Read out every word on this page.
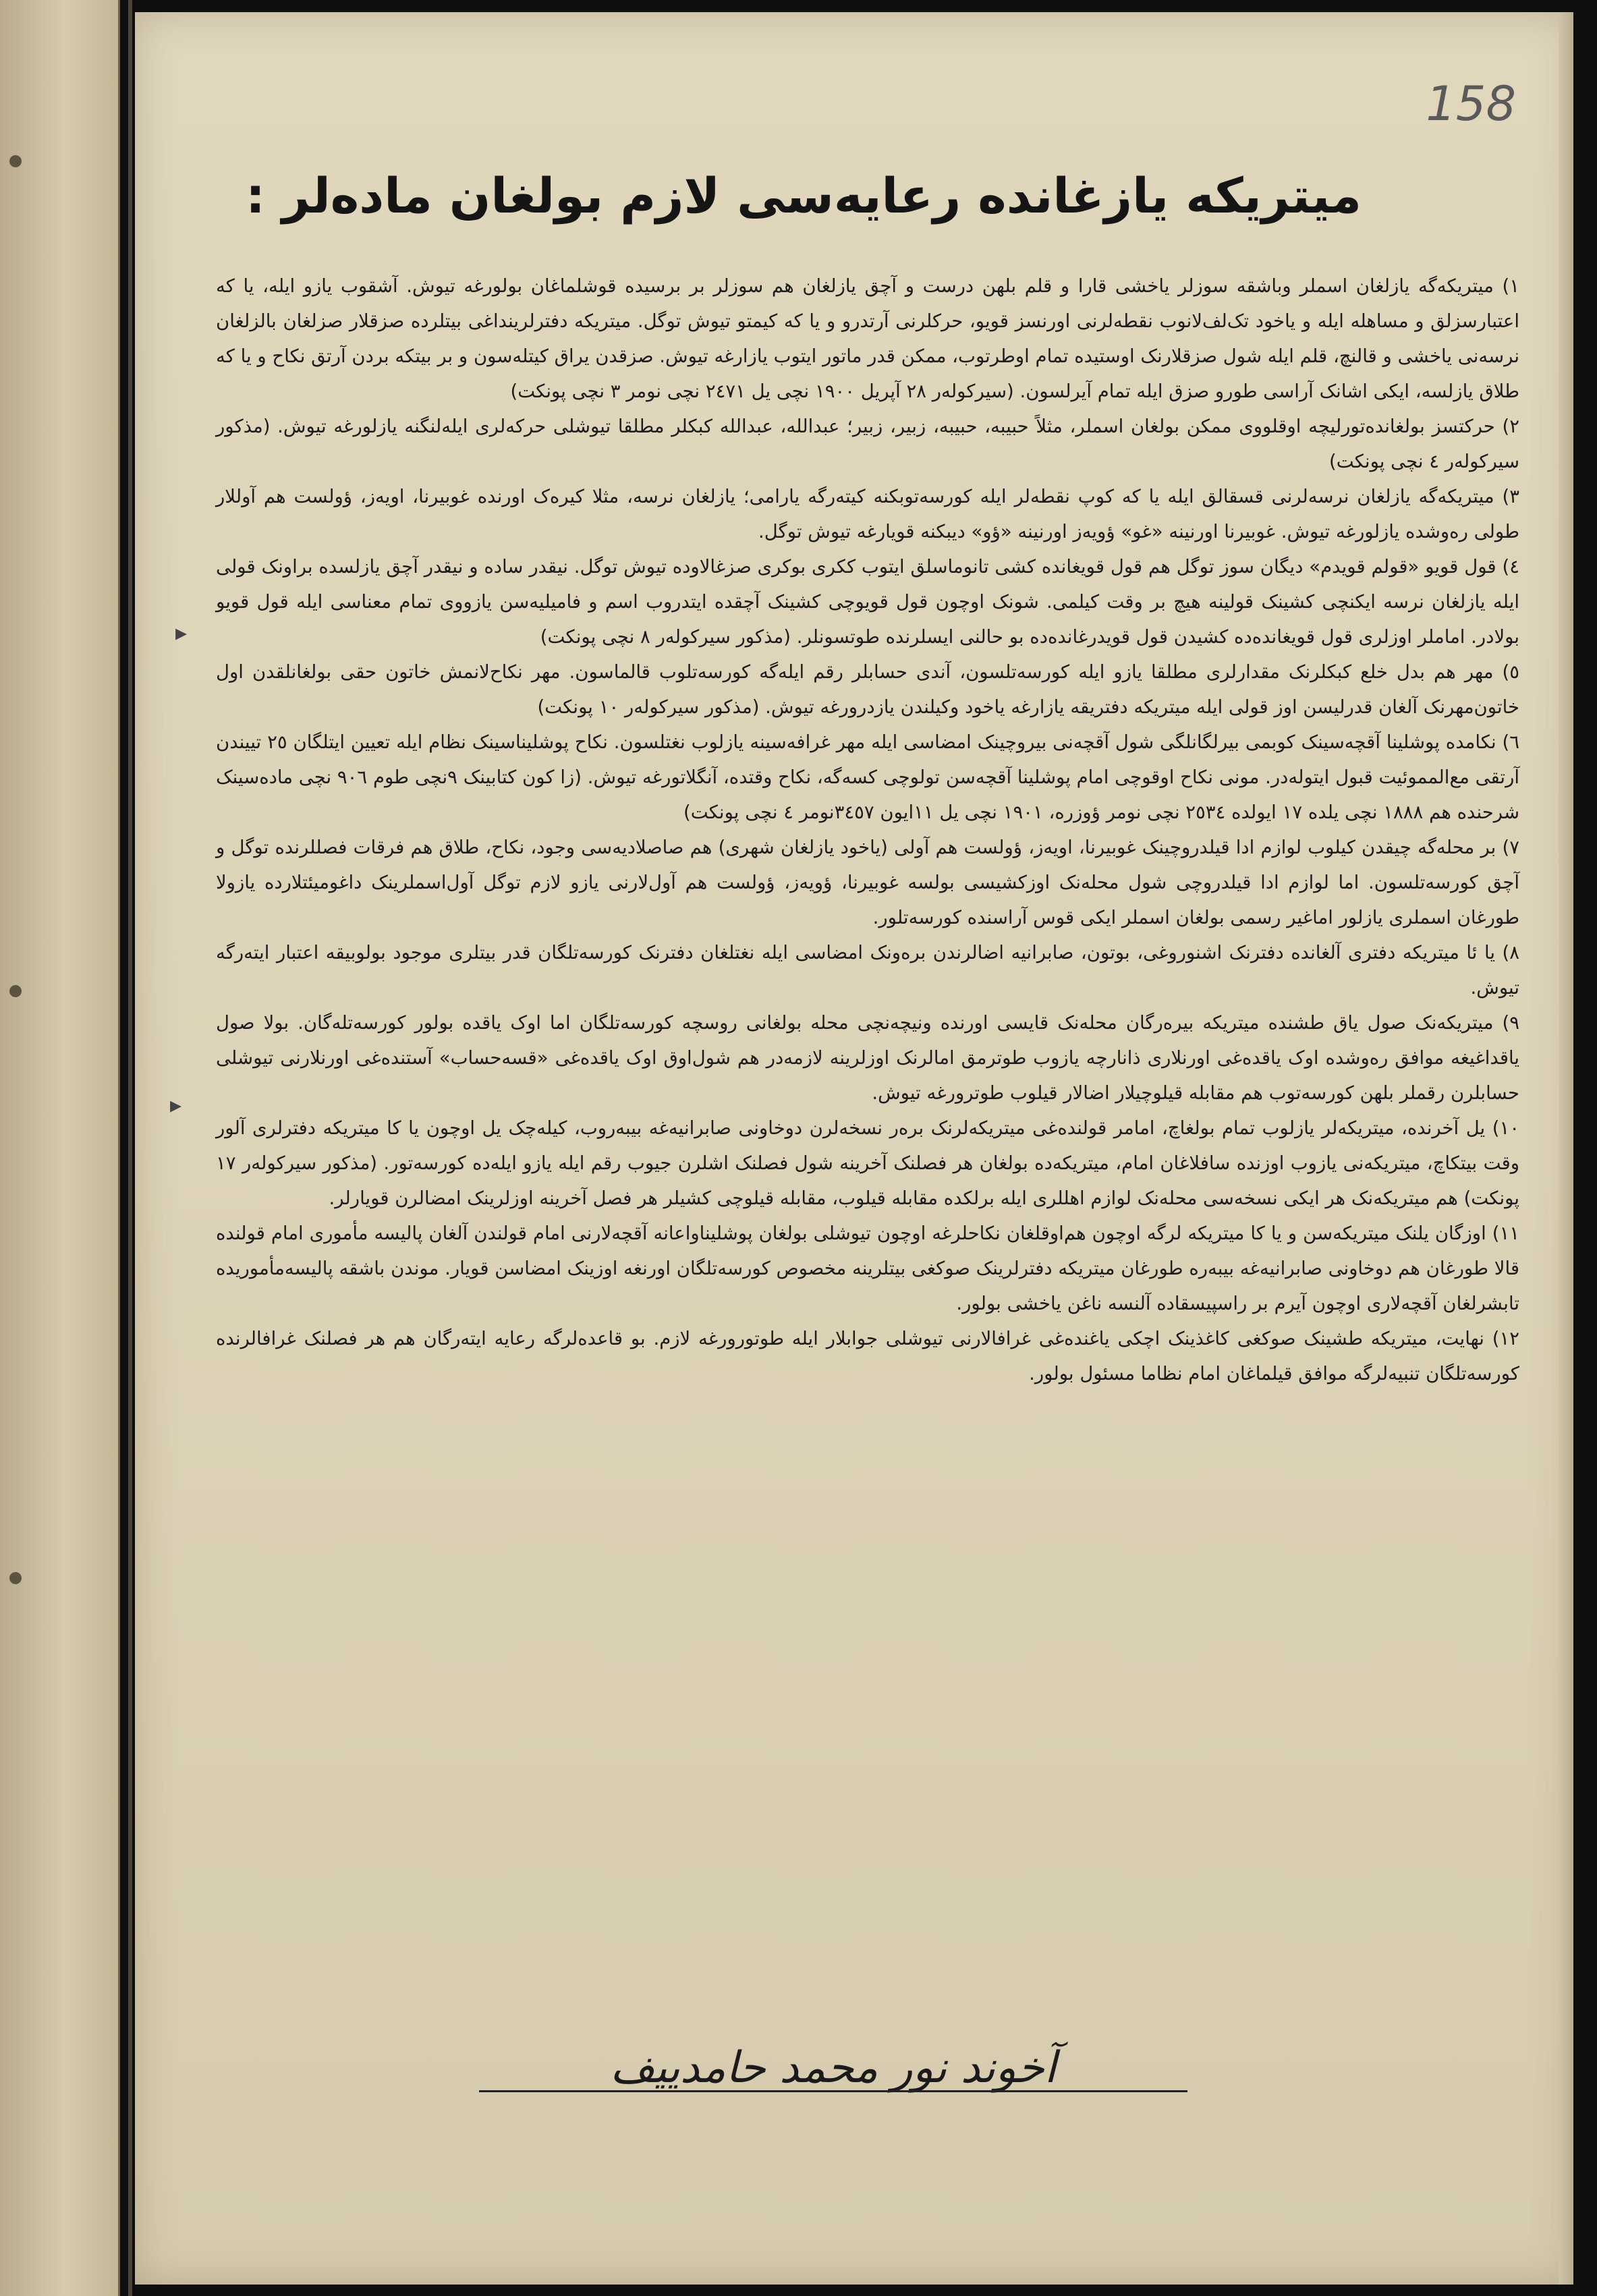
158
میتریکه یازغانده رعایه‌سی لازم بولغان ماده‌لر :
▸
▸

١) میتریکه‌گه یازلغان اسملر وباشقه سوزلر یاخشی قارا و قلم بلهن درست و آچق یازلغان هم سوزلر بر برسیده قوشلماغان بولورغه تیوش. آشقوب یازو ایله، یا که اعتبارسزلق و مساهله ایله و یاخود تک‌لف‌لانوب نقطه‌لرنی اورنسز قویو، حرکلرنی آرتدرو و یا که کیمتو تیوش توگل. میتریکه دفترلرینداغی بیتلرده صزقلار صزلغان بالزلغان نرسه‌نی یاخشی و قالنچ، قلم ایله شول صزقلارنک اوستیده تمام اوطرتوب، ممکن قدر ماتور ایتوب یازارغه تیوش. صزقدن یراق کیتله‌سون و بر بیتکه بردن آرتق نکاح و یا که طلاق یازلسه، ایکی اشانک آراسی طورو صزق ایله تمام آیرلسون. (سیرکوله‌ر ٢٨ آپریل ١٩٠٠ نچی یل ٢٤٧١ نچی نومر ٣ نچی پونکت)

٢) حرکتسز بولغانده‌تورلیچه اوقلووی ممکن بولغان اسملر، مثلاً حبیبه، حبیبه، زبیر، زبیر؛ عبدالله، عبدالله کبکلر مطلقا تیوشلی حرکه‌لری ایله‌لنگنه یازلورغه تیوش. (مذکور سیرکوله‌ر ٤ نچی پونکت)

٣) میتریکه‌گه یازلغان نرسه‌لرنی قسقالق ایله یا که کوپ نقطه‌لر ایله کورسه‌توبکنه کیته‌رگه یارامی؛ یازلغان نرسه، مثلا کیره‌ک اورنده غوبیرنا، اویه‌ز، ؤولست هم آوللار طولی ره‌وشده یازلورغه تیوش. غوبیرنا اورنینه «غو» ؤویه‌ز اورنینه «ؤو» دیبکنه قویارغه تیوش توگل.

٤) قول قویو «قولم قویدم» دیگان سوز توگل هم قول قویغانده کشی تانوماسلق ایتوب ککری بوکری صزغالاوده تیوش توگل. نیقدر ساده و نیقدر آچق یازلسده براونک قولی ایله یازلغان نرسه ایکنچی کشینک قولینه هیچ بر وقت کیلمی. شونک اوچون قول قویوچی کشینک آچقده ایتدروب اسم و فامیلیه‌سن یازووی تمام معناسی ایله قول قویو بولادر. اماملر اوزلری قول قویغانده‌ده کشیدن قول قویدرغانده‌ده بو حالنی ایسلرنده طوتسونلر. (مذکور سیرکوله‌ر ٨ نچی پونکت)

٥) مهر هم بدل خلع کبکلرنک مقدارلری مطلقا یازو ایله کورسه‌تلسون، آندی حسابلر رقم ایله‌گه کورسه‌تلوب قالماسون. مهر نکاح‌لانمش خاتون حقی بولغانلقدن اول خاتون‌مهرنک آلغان قدرلیسن اوز قولی ایله میتریکه دفتریقه یازارغه یاخود وکیلندن یازدرورغه تیوش. (مذکور سیرکوله‌ر ١٠ پونکت)

٦) نکامده پوشلینا آقچه‌سینک کوبمی بیرلگانلگی شول آقچه‌نی بیروچینک امضاسی ایله مهر غرافه‌سینه یازلوب نغتلسون. نکاح پوشلیناسینک نظام ایله تعیین ایتلگان ٢٥ تییندن آرتقی مع‌المموئیت قبول ایتوله‌در. مونی نکاح اوقوچی امام پوشلینا آقچه‌سن تولوچی کسه‌گه، نکاح وقتده، آنگلاتورغه تیوش. (زا کون کتابینک ٩نچی طوم ٩٠٦ نچی ماده‌سینک شرحنده هم ١٨٨٨ نچی یلده ١٧ ایولده ٢٥٣٤ نچی نومر ؤوزره، ١٩٠١ نچی یل ١١ایون ٣٤٥٧نومر ٤ نچی پونکت)

٧) بر محله‌گه چیقدن کیلوب لوازم ادا قیلدروچینک غوبیرنا، اویه‌ز، ؤولست هم آولی (یاخود یازلغان شهری) هم صاصلادیه‌سی وجود، نکاح، طلاق هم فرقات فصللرنده توگل و آچق کورسه‌تلسون. اما لوازم ادا قیلدروچی شول محله‌نک اوزکشیسی بولسه غوبیرنا، ؤویه‌ز، ؤولست هم آول‌لارنی یازو لازم توگل آول‌اسملرینک داغومیئتلارده یازولا طورغان اسملری یازلور اماغیر رسمی بولغان اسملر ایکی قوس آراسنده کورسه‌تلور.

٨) یا ئا میتریکه دفتری آلغانده دفترنک اشنوروغی، بوتون، صابرانیه اضالرندن بره‌ونک امضاسی ایله نغتلغان دفترنک کورسه‌تلگان قدر بیتلری موجود بولوبیقه اعتبار ایته‌رگه تیوش.

٩) میتریکه‌نک صول یاق طشنده میتریکه بیره‌رگان محله‌نک قایسی اورنده ونیچه‌نچی محله بولغانی روسچه کورسه‌تلگان اما اوک یاقده بولور کورسه‌تله‌گان. بولا صول یاقداغیغه موافق ره‌وشده اوک یاقده‌غی اورنلارى ذانارچه یازوب طوترمق امالرنک اوزلرینه لازمه‌در هم شول‌اوق اوک یاقده‌غی «قسه‌حساب» آستنده‌غی اورنلارنی تیوشلی حسابلرن رقملر بلهن کورسه‌توب هم مقابله قیلوچیلار اضالار قیلوب طوترورغه تیوش.

١٠) یل آخرنده، میتریکه‌لر یازلوب تمام بولغاچ، امامر قولنده‌غی میتریکه‌لرنک بره‌ر نسخه‌لرن دوخاونی صابرانیه‌غه بیبه‌روب، کیله‌چک یل اوچون یا کا میتریکه دفترلری آلور وقت بیتکاچ، میتریکه‌نی یازوب اوزنده سافلاغان امام، میتریکه‌ده بولغان هر فصلنک آخرینه شول فصلنک اشلرن جیوب رقم ایله یازو ایله‌ده کورسه‌تور. (مذکور سیرکوله‌ر ١٧ پونکت) هم میتریکه‌نک هر ایکی نسخه‌سی محله‌نک لوازم اهللری ایله برلکده مقابله قیلوب، مقابله قیلوچی کشیلر هر فصل آخرینه اوزلرینک امضالرن قویارلر.

١١) اوزگان یلنک میتریکه‌سن و یا کا میتریکه لرگه اوچون هم‌اوقلغان نکاحلرغه اوچون تیوشلی بولغان پوشلیناواعانه آقچه‌لارنی امام قولندن آلغان پالیسه مأموری امام قولنده قالا طورغان هم دوخاونی صابرانیه‌غه بیبه‌ره طورغان میتریکه دفترلرینک صوکغی بیتلرینه مخصوص کورسه‌تلگان اورنغه اوزینک امضاسن قویار. موندن باشقه پالیسه‌مأموریده تابشرلغان آقچه‌لاری اوچون آیرم بر راسپیسقاده آلنسه ناغن یاخشی بولور.

١٢) نهایت، میتریکه طشینک صوکغی کاغذینک اچکی یاغنده‌غی غرافالارنی تیوشلی جوابلار ایله طوتورورغه لازم. بو قاعده‌لرگه رعایه ایته‌رگان هم هر فصلنک غرافالرنده کورسه‌تلگان تنبیه‌لرگه موافق قیلماغان امام نظاما مسئول بولور.

آخوند نور محمد حامدییف
